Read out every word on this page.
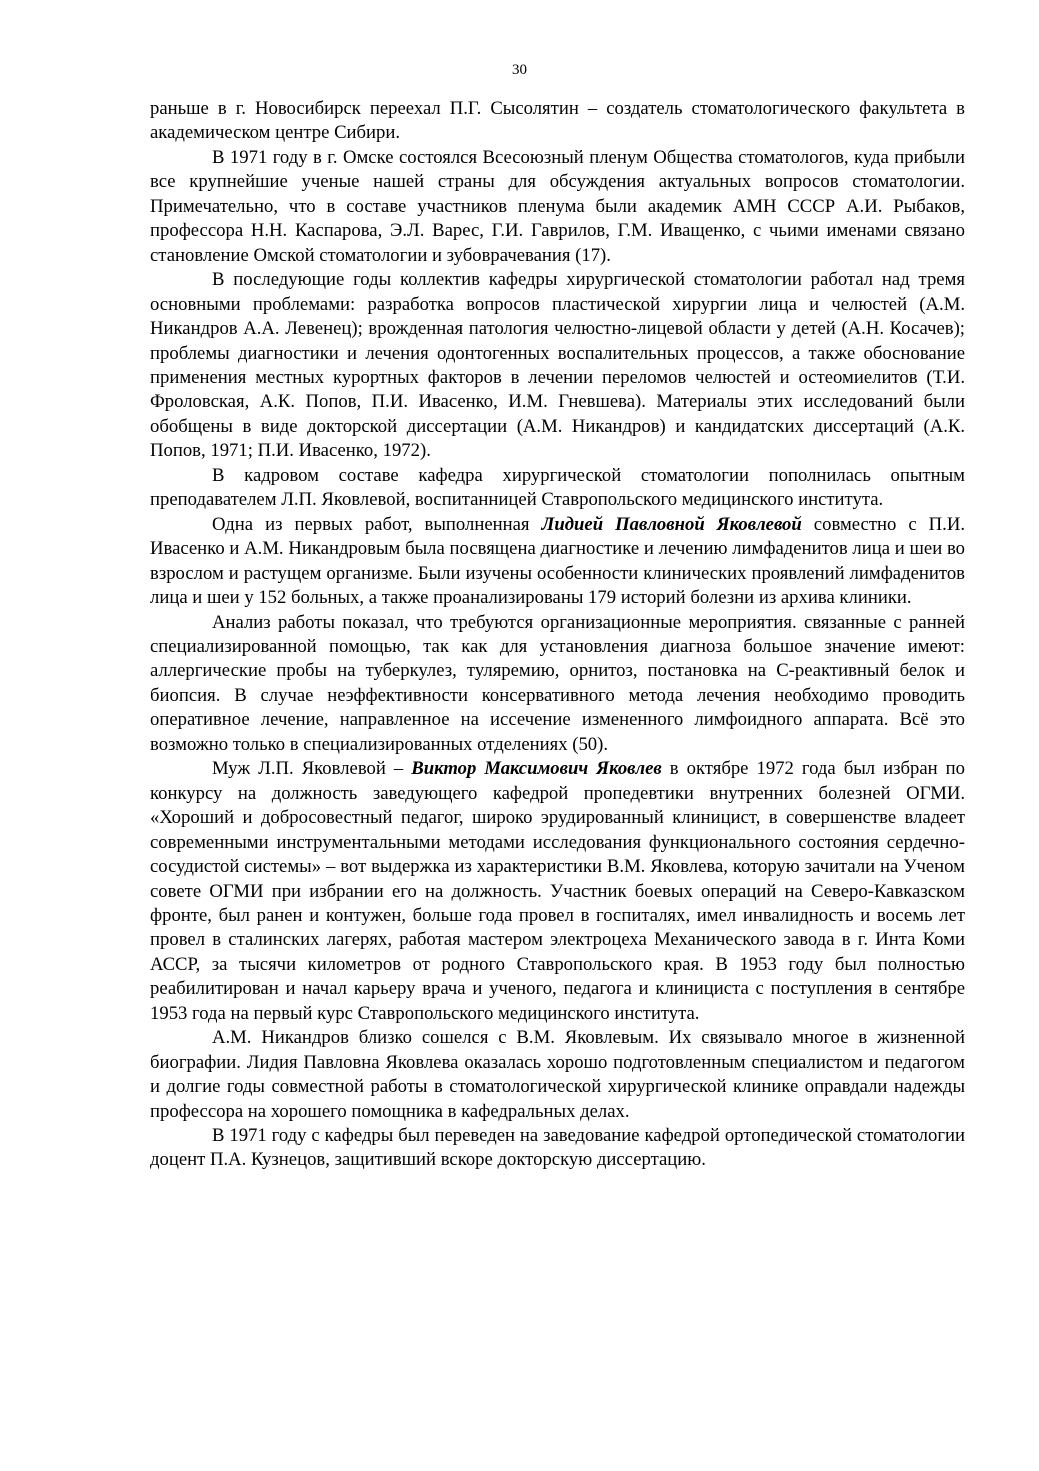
30

раньше в г. Новосибирск переехал П.Г. Сысолятин – создатель стоматологического факультета в академическом центре Сибири.

В 1971 году в г. Омске состоялся Всесоюзный пленум Общества стоматологов, куда прибыли все крупнейшие ученые нашей страны для обсуждения актуальных вопросов стоматологии. Примечательно, что в составе участников пленума были академик АМН СССР А.И. Рыбаков, профессора Н.Н. Каспарова, Э.Л. Варес, Г.И. Гаврилов, Г.М. Иващенко, с чьими именами связано становление Омской стоматологии и зубоврачевания (17).

В последующие годы коллектив кафедры хирургической стоматологии работал над тремя основными проблемами: разработка вопросов пластической хирургии лица и челюстей (А.М. Никандров А.А. Левенец); врожденная патология челюстно-лицевой области у детей (А.Н. Косачев); проблемы диагностики и лечения одонтогенных воспалительных процессов, а также обоснование применения местных курортных факторов в лечении переломов челюстей и остеомиелитов (Т.И. Фроловская, А.К. Попов, П.И. Ивасенко, И.М. Гневшева). Материалы этих исследований были обобщены в виде докторской диссертации (А.М. Никандров) и кандидатских диссертаций (А.К. Попов, 1971; П.И. Ивасенко, 1972).

В кадровом составе кафедра хирургической стоматологии пополнилась опытным преподавателем Л.П. Яковлевой, воспитанницей Ставропольского медицинского института.

Одна из первых работ, выполненная Лидией Павловной Яковлевой совместно с П.И. Ивасенко и А.М. Никандровым была посвящена диагностике и лечению лимфаденитов лица и шеи во взрослом и растущем организме. Были изучены особенности клинических проявлений лимфаденитов лица и шеи у 152 больных, а также проанализированы 179 историй болезни из архива клиники.

Анализ работы показал, что требуются организационные мероприятия. связанные с ранней специализированной помощью, так как для установления диагноза большое значение имеют: аллергические пробы на туберкулез, туляремию, орнитоз, постановка на С-реактивный белок и биопсия. В случае неэффективности консервативного метода лечения необходимо проводить оперативное лечение, направленное на иссечение измененного лимфоидного аппарата. Всё это возможно только в специализированных отделениях (50).

Муж Л.П. Яковлевой – Виктор Максимович Яковлев в октябре 1972 года был избран по конкурсу на должность заведующего кафедрой пропедевтики внутренних болезней ОГМИ. «Хороший и добросовестный педагог, широко эрудированный клиницист, в совершенстве владеет современными инструментальными методами исследования функционального состояния сердечно-сосудистой системы» – вот выдержка из характеристики В.М. Яковлева, которую зачитали на Ученом совете ОГМИ при избрании его на должность. Участник боевых операций на Северо-Кавказском фронте, был ранен и контужен, больше года провел в госпиталях, имел инвалидность и восемь лет провел в сталинских лагерях, работая мастером электроцеха Механического завода в г. Инта Коми АССР, за тысячи километров от родного Ставропольского края. В 1953 году был полностью реабилитирован и начал карьеру врача и ученого, педагога и клинициста с поступления в сентябре 1953 года на первый курс Ставропольского медицинского института.

А.М. Никандров близко сошелся с В.М. Яковлевым. Их связывало многое в жизненной биографии. Лидия Павловна Яковлева оказалась хорошо подготовленным специалистом и педагогом и долгие годы совместной работы в стоматологической хирургической клинике оправдали надежды профессора на хорошего помощника в кафедральных делах.

В 1971 году с кафедры был переведен на заведование кафедрой ортопедической стоматологии доцент П.А. Кузнецов, защитивший вскоре докторскую диссертацию.
